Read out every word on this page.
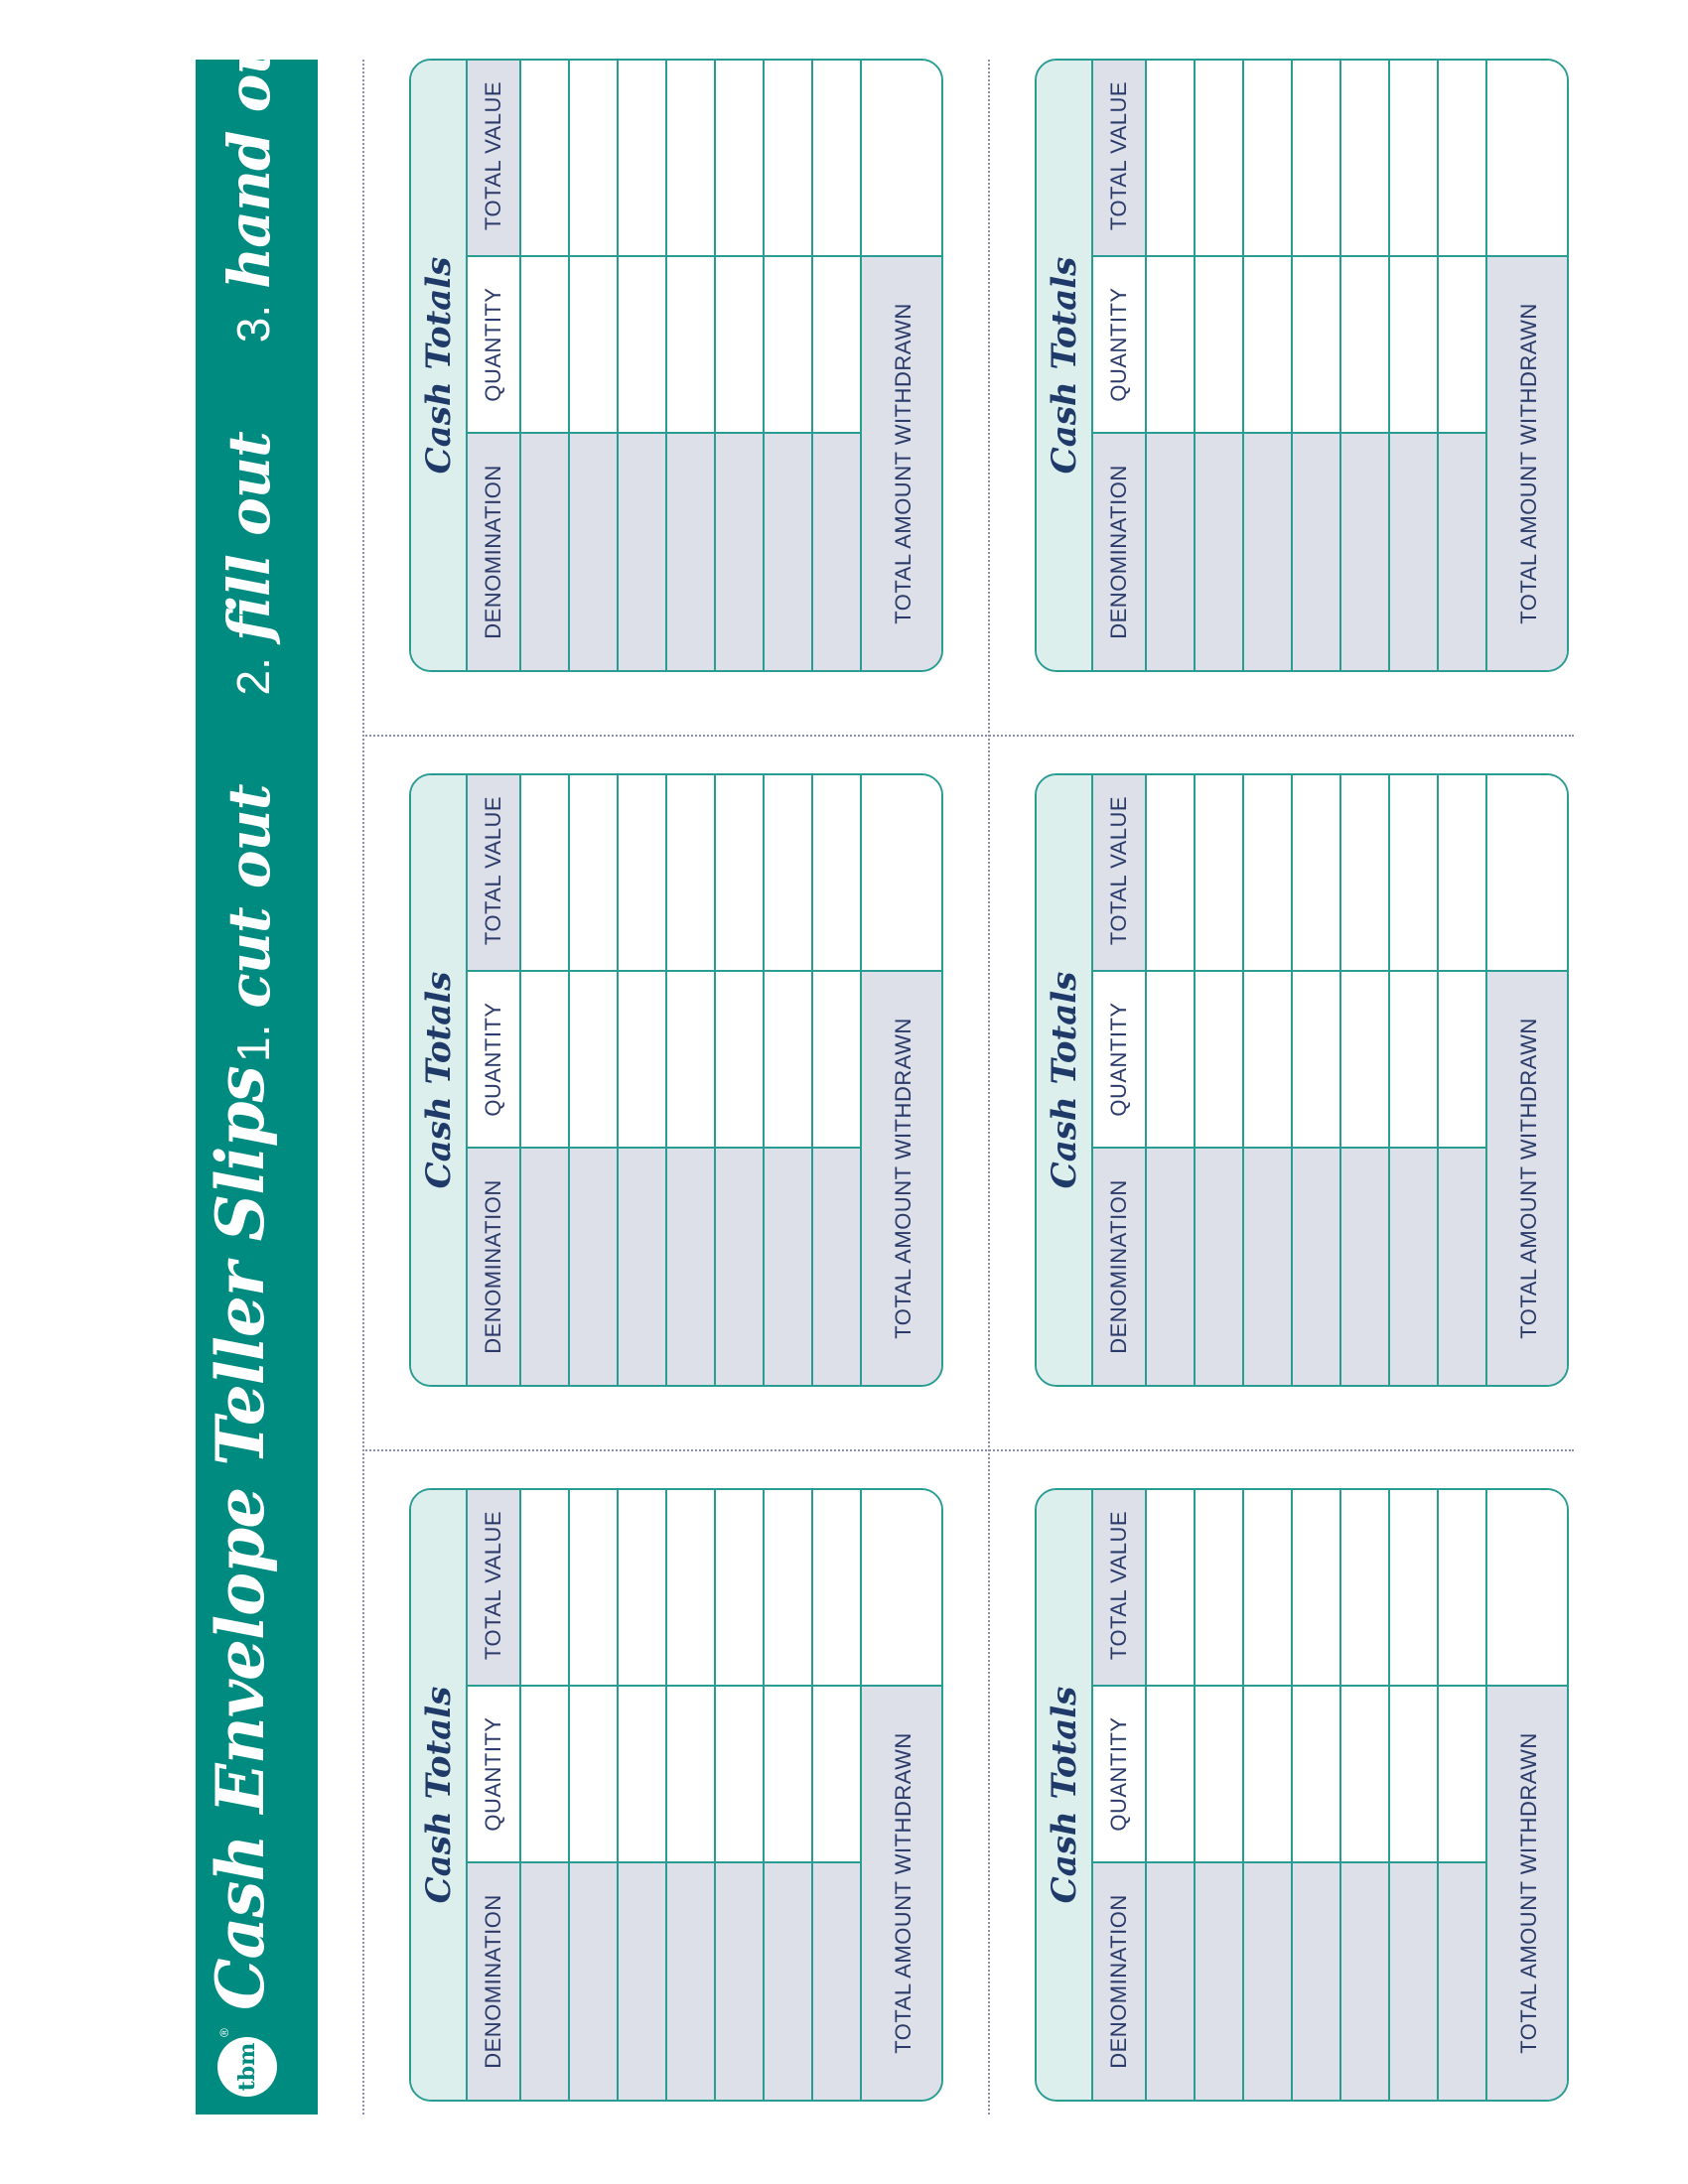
tbm
®
Cash Envelope Teller Slips
1.
cut out
2.
fill out
3.
hand out
Cash Totals
DENOMINATION
QUANTITY
TOTAL VALUE
TOTAL AMOUNT WITHDRAWN
Cash Totals
DENOMINATION
QUANTITY
TOTAL VALUE
TOTAL AMOUNT WITHDRAWN
Cash Totals
DENOMINATION
QUANTITY
TOTAL VALUE
TOTAL AMOUNT WITHDRAWN
Cash Totals
DENOMINATION
QUANTITY
TOTAL VALUE
TOTAL AMOUNT WITHDRAWN
Cash Totals
DENOMINATION
QUANTITY
TOTAL VALUE
TOTAL AMOUNT WITHDRAWN
Cash Totals
DENOMINATION
QUANTITY
TOTAL VALUE
TOTAL AMOUNT WITHDRAWN
